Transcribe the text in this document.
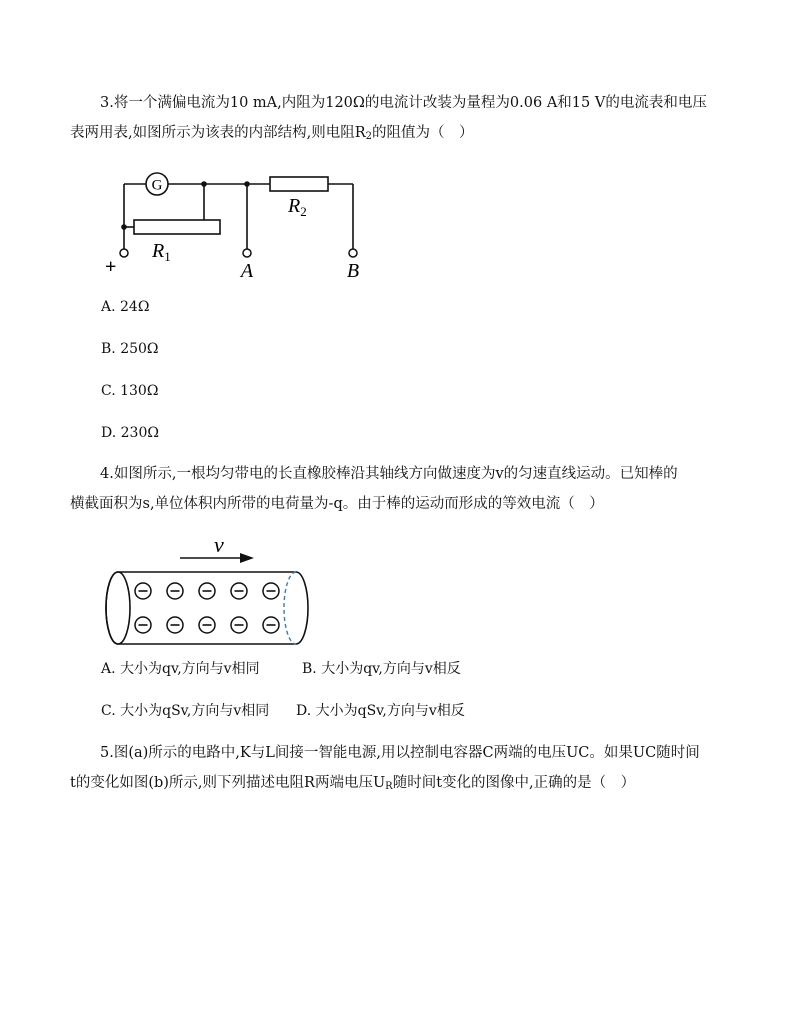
3.将一个满偏电流为10 mA,内阻为120Ω的电流计改装为量程为0.06 A和15 V的电流表和电压
表两用表,如图所示为该表的内部结构,则电阻$R_2$的阻值为（　）
G
$R_1$
$R_2$
+	A	B
A. 24Ω
B. 250Ω
C. 130Ω
D. 230Ω
4.如图所示,一根均匀带电的长直橡胶棒沿其轴线方向做速度为v的匀速直线运动。已知棒的
横截面积为s,单位体积内所带的电荷量为-q。由于棒的运动而形成的等效电流（　）
v
A. 大小为qv,方向与v相同	B. 大小为qv,方向与v相反
C. 大小为qSv,方向与v相同 D. 大小为qSv,方向与v相反
5.图(a)所示的电路中,K与L间接一智能电源,用以控制电容器C两端的电压UC。如果UC随时间
t的变化如图(b)所示,则下列描述电阻R两端电压$U_R$随时间t变化的图像中,正确的是（　）
